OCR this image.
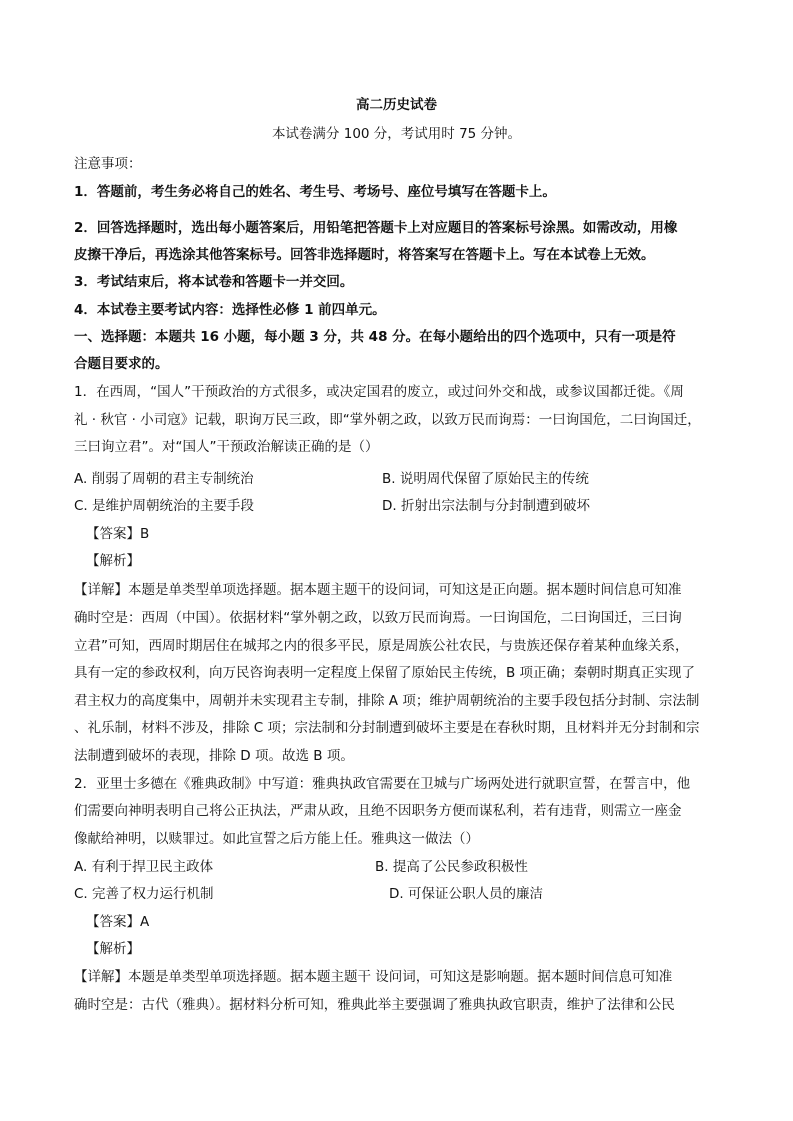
高二历史试卷
本试卷满分 100 分，考试用时 75 分钟。
注意事项：
1．答题前，考生务必将自己的姓名、考生号、考场号、座位号填写在答题卡上。
2．回答选择题时，选出每小题答案后，用铅笔把答题卡上对应题目的答案标号涂黑。如需改动，用橡
皮擦干净后，再选涂其他答案标号。回答非选择题时，将答案写在答题卡上。写在本试卷上无效。
3．考试结束后，将本试卷和答题卡一并交回。
4．本试卷主要考试内容：选择性必修 1 前四单元。
一、选择题：本题共 16 小题，每小题 3 分，共 48 分。在每小题给出的四个选项中，只有一项是符
合题目要求的。
1．在西周，“国人”干预政治的方式很多，或决定国君的废立，或过问外交和战，或参议国都迁徙。《周
礼 · 秋官 · 小司寇》记载，职询万民三政，即“掌外朝之政，以致万民而询焉：一曰询国危，二曰询国迁，
三曰询立君”。对“国人”干预政治解读正确的是（）
A. 削弱了周朝的君主专制统治	B. 说明周代保留了原始民主的传统
C. 是维护周朝统治的主要手段	D. 折射出宗法制与分封制遭到破坏
【答案】B
【解析】
【详解】本题是单类型单项选择题。据本题主题干的设问词，可知这是正向题。据本题时间信息可知准
确时空是：西周（中国）。依据材料“掌外朝之政，以致万民而询焉。一曰询国危，二曰询国迁，三曰询
立君”可知，西周时期居住在城邦之内的很多平民，原是周族公社农民，与贵族还保存着某种血缘关系，
具有一定的参政权利，向万民咨询表明一定程度上保留了原始民主传统，B 项正确；秦朝时期真正实现了
君主权力的高度集中，周朝并未实现君主专制，排除 A 项；维护周朝统治的主要手段包括分封制、宗法制
、礼乐制，材料不涉及，排除 C 项；宗法制和分封制遭到破坏主要是在春秋时期，且材料并无分封制和宗
法制遭到破坏的表现，排除 D 项。故选 B 项。
2．亚里士多德在《雅典政制》中写道：雅典执政官需要在卫城与广场两处进行就职宣誓，在誓言中，他
们需要向神明表明自己将公正执法，严肃从政，且绝不因职务方便而谋私利，若有违背，则需立一座金
像献给神明，以赎罪过。如此宣誓之后方能上任。雅典这一做法（）
A. 有利于捍卫民主政体	B. 提高了公民参政积极性
C. 完善了权力运行机制	D. 可保证公职人员的廉洁
【答案】A
【解析】
【详解】本题是单类型单项选择题。据本题主题干 设问词，可知这是影响题。据本题时间信息可知准
确时空是：古代（雅典）。据材料分析可知，雅典此举主要强调了雅典执政官职责，维护了法律和公民
